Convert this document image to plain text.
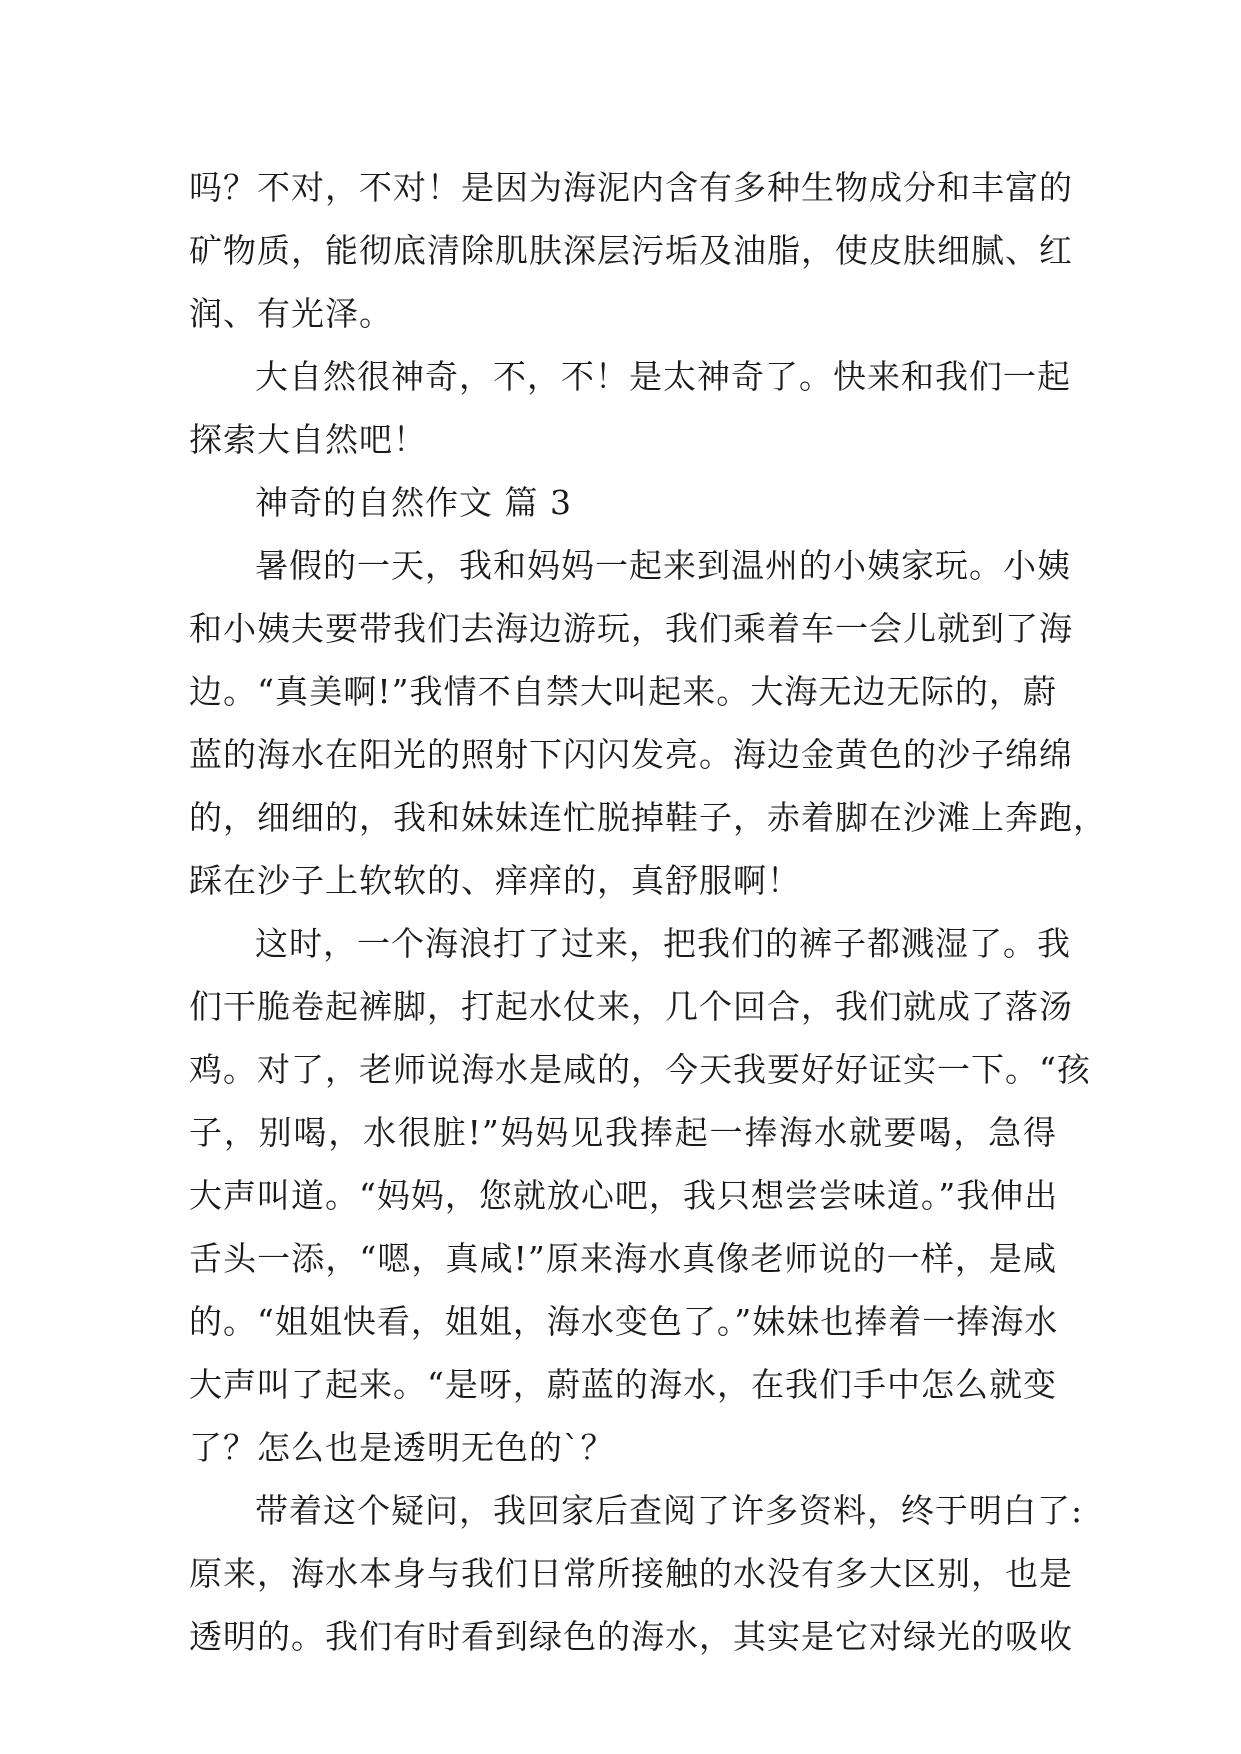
吗？不对，不对！是因为海泥内含有多种生物成分和丰富的
矿物质，能彻底清除肌肤深层污垢及油脂，使皮肤细腻、红
润、有光泽。
大自然很神奇，不，不！是太神奇了。快来和我们一起
探索大自然吧！
神奇的自然作文 篇 3
暑假的一天，我和妈妈一起来到温州的小姨家玩。小姨
和小姨夫要带我们去海边游玩，我们乘着车一会儿就到了海
边。“真美啊!”我情不自禁大叫起来。大海无边无际的，蔚
蓝的海水在阳光的照射下闪闪发亮。海边金黄色的沙子绵绵
的，细细的，我和妹妹连忙脱掉鞋子，赤着脚在沙滩上奔跑，
踩在沙子上软软的、痒痒的，真舒服啊！
这时，一个海浪打了过来，把我们的裤子都溅湿了。我
们干脆卷起裤脚，打起水仗来，几个回合，我们就成了落汤
鸡。对了，老师说海水是咸的，今天我要好好证实一下。“孩
子，别喝，水很脏!”妈妈见我捧起一捧海水就要喝，急得
大声叫道。“妈妈，您就放心吧，我只想尝尝味道。”我伸出
舌头一添，“嗯，真咸!”原来海水真像老师说的一样，是咸
的。“姐姐快看，姐姐，海水变色了。”妹妹也捧着一捧海水
大声叫了起来。“是呀，蔚蓝的海水，在我们手中怎么就变
了？怎么也是透明无色的`？
带着这个疑问，我回家后查阅了许多资料，终于明白了:
原来，海水本身与我们日常所接触的水没有多大区别，也是
透明的。我们有时看到绿色的海水，其实是它对绿光的吸收
